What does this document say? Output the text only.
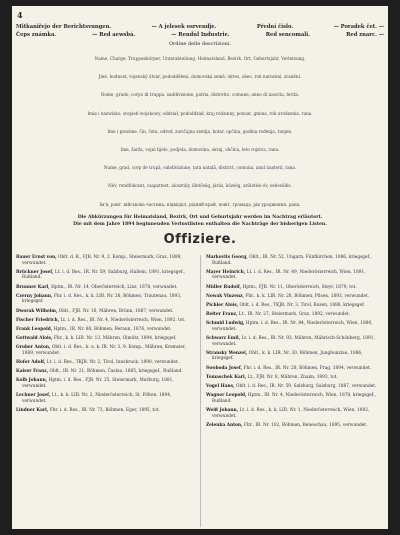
4
Mitkaniřejo der Berichtsvungen.	— A jelesek osrvendje.	Přední číslo.	— Poradek čet. —
Čeps známka.	— Red aewsbá.	— Rendul Industrie.	Red sencomali.	Red znarc. —
Ordine delle descrizioni.
Name, Charge, Truppenkörper, Unterabteilung, Heimatsland, Bezirk, Ort, Geburtsjahr, Verletzung.
Jiné, hodnost, vojenský útvar, pododdělení, domovská země, okres, obec, rok narození, zranění.
Nome, grado, corpo di truppa, suddivisione, patria, distretto, comune, anno di nascita, ferita.
Imię i nazwisko, stopień wojskowy, oddział, pododdział, kraj rodzinny, powiat, gmina, rok urodzenia, rana.
Ime i prezime, čin, četa, odred, zavičajna zemlja, kotar, općina, godina rođenja, ranjen.
Ime, šarža, vojni tijelo, podjela, domovina, okraj, občina, leto rojstva, rana.
Nume, grad, corp de trupă, subdiviziune, țara natală, district, comuna, anul nașterii, rana.
Név, rendfokozat, csapattest, alosztály, illetőség, járás, község, születési év, sebesülés.
Ім'я, ранґ, військова частина, підвідділ, рідний край, повіт, громада, рік уродження, рана.
Die Abkürzungen für Heimatsland, Bezirk, Ort und Geburtsjahr werden im Nachtrag erläutert.
Die mit dem Jahre 1894 beginnenden Verlustlisten enthalten die Nachträge der bisherigen Listen.
Offiziere.
Bauer Ernst von, Oblt. d. R., FJB. Nr. 9, 2. Komp., Steiermark, Graz, 1889, verwundet.
Brückner Josef, Lt. i. d. Res., IR. Nr. 59, Salzburg, Hallein, 1891, kriegsgef., Rußland.
Brunner Karl, Hptm., IR. Nr. 14, Oberösterreich, Linz, 1878, verwundet.
Czerny Johann, Fhr. i. d. Res., k. k. LIR. Nr. 26, Böhmen, Trautenau, 1893, kriegsgef.
Dworak Wilhelm, Oblt., FJB. Nr. 16, Mähren, Brünn, 1887, verwundet.
Fischer Friedrich, Lt. i. d. Res., IR. Nr. 4, Niederösterreich, Wien, 1892, tot.
Frank Leopold, Hptm., IR. Nr. 88, Böhmen, Beraun, 1876, verwundet.
Gottwald Alois, Fhr., k. k. LIR. Nr. 13, Mähren, Olmütz, 1894, kriegsgef.
Gruber Anton, Oblt. i. d. Res., k. u. k. IR. Nr. 3, 9. Komp., Mähren, Kremsier, 1889, verwundet.
Hofer Adolf, Lt. i. d. Res., TKJR. Nr. 2, Tirol, Innsbruck, 1890, verwundet.
Kaiser Franz, Oblt., IR. Nr. 21, Böhmen, Časlau, 1885, kriegsgef., Rußland.
Kolb Johann, Hptm. i. d. Res., FJB. Nr. 25, Steiermark, Marburg, 1881, verwundet.
Lechner Josef, Lt., k. k. LIR. Nr. 2, Niederösterreich, St. Pölten, 1894, verwundet.
Lindner Karl, Fhr. i. d. Res., IR. Nr. 73, Böhmen, Eger, 1895, tot.
Markovits Georg, Oblt., IR. Nr. 52, Ungarn, Fünfkirchen, 1886, kriegsgef., Rußland.
Mayer Heinrich, Lt. i. d. Res., IR. Nr. 49, Niederösterreich, Wien, 1891, verwundet.
Müller Rudolf, Hptm., FJB. Nr. 11, Oberösterreich, Steyr, 1879, tot.
Nowak Vinzenz, Fhr., k. k. LIR. Nr. 28, Böhmen, Pilsen, 1893, verwundet.
Pichler Alois, Oblt. i. d. Res., TKJR. Nr. 3, Tirol, Bozen, 1888, kriegsgef.
Reiter Franz, Lt., IR. Nr. 27, Steiermark, Graz, 1892, verwundet.
Schmid Ludwig, Hptm. i. d. Res., IR. Nr. 84, Niederösterreich, Wien, 1880, verwundet.
Schwarz Emil, Lt. i. d. Res., IR. Nr. 93, Mähren, Mährisch-Schönberg, 1891, verwundet.
Stransky Wenzel, Oblt., k. k. LIR. Nr. 30, Böhmen, Jungbunzlau, 1886, kriegsgef.
Swoboda Josef, Fhr. i. d. Res., IR. Nr. 28, Böhmen, Prag, 1894, verwundet.
Tomaschek Karl, Lt., FJB. Nr. 8, Mähren, Znaim, 1893, tot.
Vogel Hans, Oblt. i. d. Res., IR. Nr. 59, Salzburg, Salzburg, 1887, verwundet.
Wagner Leopold, Hptm., IR. Nr. 4, Niederösterreich, Wien, 1878, kriegsgef., Rußland.
Weiß Johann, Lt. i. d. Res., k. k. LIR. Nr. 1, Niederösterreich, Wien, 1892, verwundet.
Zelenka Anton, Fhr., IR. Nr. 102, Böhmen, Beneschau, 1895, verwundet.
